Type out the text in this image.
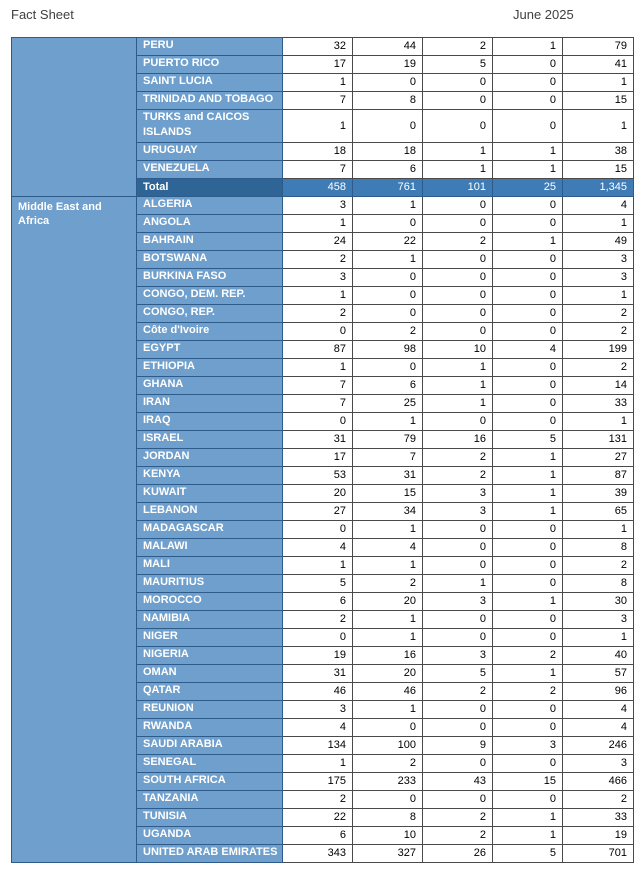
Fact Sheet	June 2025
	PERU	32	44	2	1	79
	PUERTO RICO	17	19	5	0	41
	SAINT LUCIA	1	0	0	0	1
	TRINIDAD AND TOBAGO	7	8	0	0	15
	TURKS and CAICOS ISLANDS	1	0	0	0	1
	URUGUAY	18	18	1	1	38
	VENEZUELA	7	6	1	1	15
	Total	458	761	101	25	1,345
Middle East and Africa	ALGERIA	3	1	0	0	4
	ANGOLA	1	0	0	0	1
	BAHRAIN	24	22	2	1	49
	BOTSWANA	2	1	0	0	3
	BURKINA FASO	3	0	0	0	3
	CONGO, DEM. REP.	1	0	0	0	1
	CONGO, REP.	2	0	0	0	2
	Côte d'Ivoire	0	2	0	0	2
	EGYPT	87	98	10	4	199
	ETHIOPIA	1	0	1	0	2
	GHANA	7	6	1	0	14
	IRAN	7	25	1	0	33
	IRAQ	0	1	0	0	1
	ISRAEL	31	79	16	5	131
	JORDAN	17	7	2	1	27
	KENYA	53	31	2	1	87
	KUWAIT	20	15	3	1	39
	LEBANON	27	34	3	1	65
	MADAGASCAR	0	1	0	0	1
	MALAWI	4	4	0	0	8
	MALI	1	1	0	0	2
	MAURITIUS	5	2	1	0	8
	MOROCCO	6	20	3	1	30
	NAMIBIA	2	1	0	0	3
	NIGER	0	1	0	0	1
	NIGERIA	19	16	3	2	40
	OMAN	31	20	5	1	57
	QATAR	46	46	2	2	96
	REUNION	3	1	0	0	4
	RWANDA	4	0	0	0	4
	SAUDI ARABIA	134	100	9	3	246
	SENEGAL	1	2	0	0	3
	SOUTH AFRICA	175	233	43	15	466
	TANZANIA	2	0	0	0	2
	TUNISIA	22	8	2	1	33
	UGANDA	6	10	2	1	19
	UNITED ARAB EMIRATES	343	327	26	5	701
